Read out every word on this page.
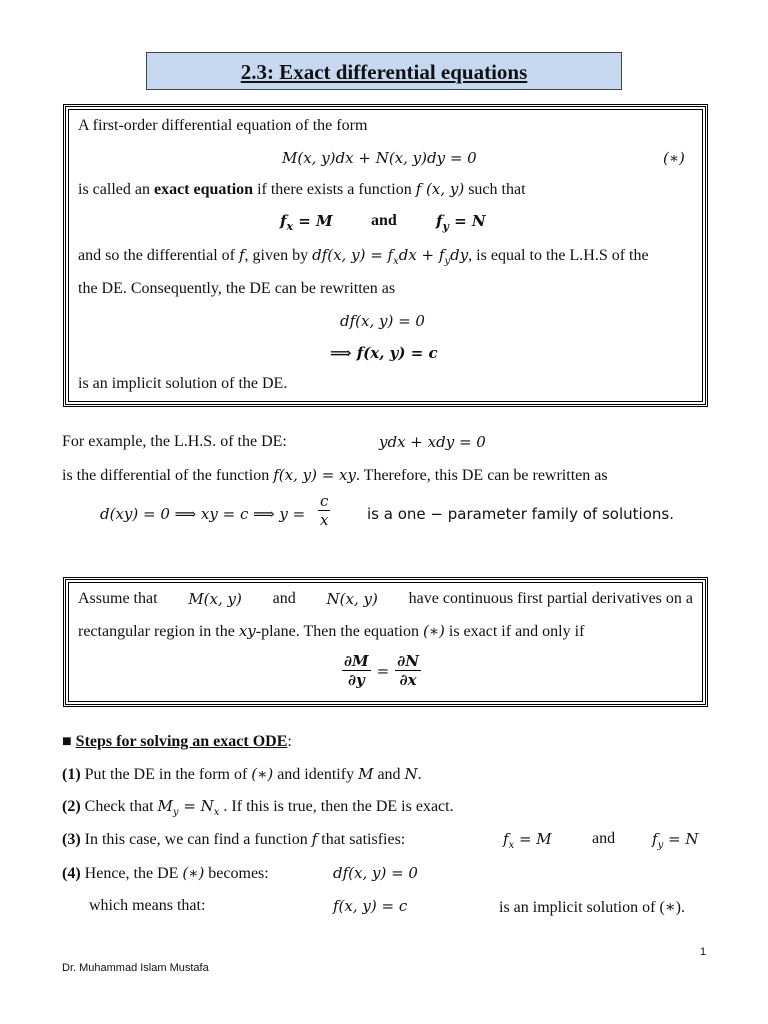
2.3: Exact differential equations
A first-order differential equation of the form
M(x, y)dx + N(x, y)dy = 0	(∗)
is called an exact equation if there exists a function f (x, y) such that
$f_x = M$ and	$f_y = N$
and so the differential of f, given by df(x, $y) = f_xdx + f_ydy$, is equal to the L.H.S of the
the DE. Consequently, the DE can be rewritten as
df(x, y) = 0
⟹ f(x, y) = c
is an implicit solution of the DE.
For example, the L.H.S. of the DE:	ydx + xdy = 0
is the differential of the function f(x, y) = xy. Therefore, this DE can be rewritten as
d(xy) = 0 ⟹ xy = c ⟹ $y = \frac{c}{x}$ is a one − parameter family of solutions.
Assume that M(x, y) and N(x, y) have continuous first partial derivatives on a
rectangular region in the xy-plane. Then the equation (∗) is exact if and only if
$\frac{\partial M}{\partial y} = \frac{\partial N}{\partial x}$
■ Steps for solving an exact ODE:
(1) Put the DE in the form of (∗) and identify M and N.
(2) Check that $M_y = N_x$ . If this is true, then the DE is exact.
(3) In this case, we can find a function f that satisfies:	$f_x = M$	and $f_y = N$
(4) Hence, the DE (∗) becomes:	df(x, y) = 0
which means that:	f(x, y) = c	is an implicit solution of (∗).
1
Dr. Muhammad Islam Mustafa
